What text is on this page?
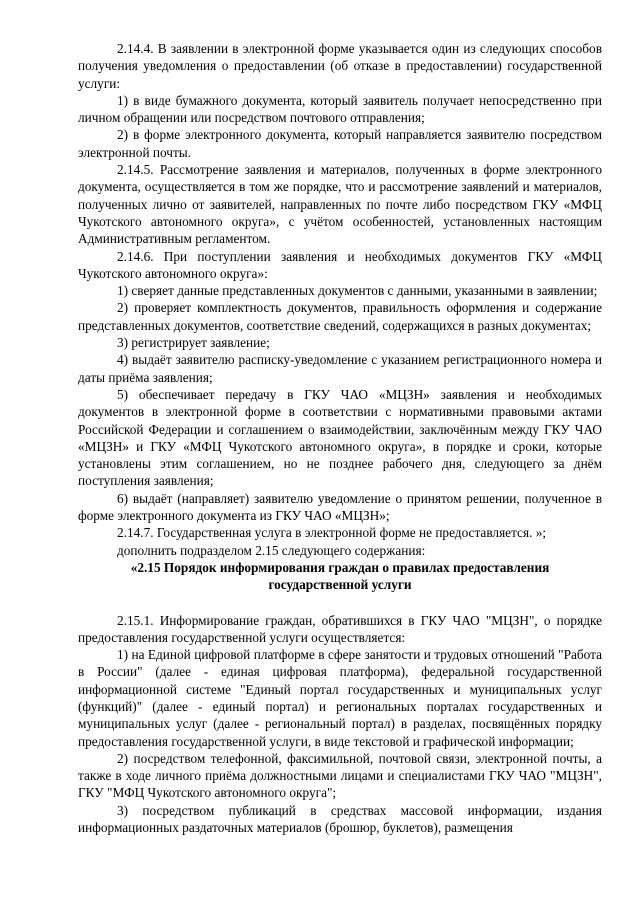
2.14.4. В заявлении в электронной форме указывается один из следующих способов получения уведомления о предоставлении (об отказе в предоставлении) государственной услуги:

1) в виде бумажного документа, который заявитель получает непосредственно при личном обращении или посредством почтового отправления;

2) в форме электронного документа, который направляется заявителю посредством электронной почты.

2.14.5. Рассмотрение заявления и материалов, полученных в форме электронного документа, осуществляется в том же порядке, что и рассмотрение заявлений и материалов, полученных лично от заявителей, направленных по почте либо посредством ГКУ «МФЦ Чукотского автономного округа», с учётом особенностей, установленных настоящим Административным регламентом.

2.14.6. При поступлении заявления и необходимых документов ГКУ «МФЦ Чукотского автономного округа»:

1) сверяет данные представленных документов с данными, указанными в заявлении;

2) проверяет комплектность документов, правильность оформления и содержание представленных документов, соответствие сведений, содержащихся в разных документах;

3) регистрирует заявление;

4) выдаёт заявителю расписку-уведомление с указанием регистрационного номера и даты приёма заявления;

5) обеспечивает передачу в ГКУ ЧАО «МЦЗН» заявления и необходимых документов в электронной форме в соответствии с нормативными правовыми актами Российской Федерации и соглашением о взаимодействии, заключённым между ГКУ ЧАО «МЦЗН» и ГКУ «МФЦ Чукотского автономного округа», в порядке и сроки, которые установлены этим соглашением, но не позднее рабочего дня, следующего за днём поступления заявления;

6) выдаёт (направляет) заявителю уведомление о принятом решении, полученное в форме электронного документа из ГКУ ЧАО «МЦЗН»;

2.14.7. Государственная услуга в электронной форме не предоставляется. »;

дополнить подразделом 2.15 следующего содержания:

«2.15 Порядок информирования граждан о правилах предоставления государственной услуги

2.15.1. Информирование граждан, обратившихся в ГКУ ЧАО "МЦЗН", о порядке предоставления государственной услуги осуществляется:

1) на Единой цифровой платформе в сфере занятости и трудовых отношений "Работа в России" (далее - единая цифровая платформа), федеральной государственной информационной системе "Единый портал государственных и муниципальных услуг (функций)" (далее - единый портал) и региональных порталах государственных и муниципальных услуг (далее - региональный портал) в разделах, посвящённых порядку предоставления государственной услуги, в виде текстовой и графической информации;

2) посредством телефонной, факсимильной, почтовой связи, электронной почты, а также в ходе личного приёма должностными лицами и специалистами ГКУ ЧАО "МЦЗН", ГКУ "МФЦ Чукотского автономного округа";

3) посредством публикаций в средствах массовой информации, издания информационных раздаточных материалов (брошюр, буклетов), размещения
